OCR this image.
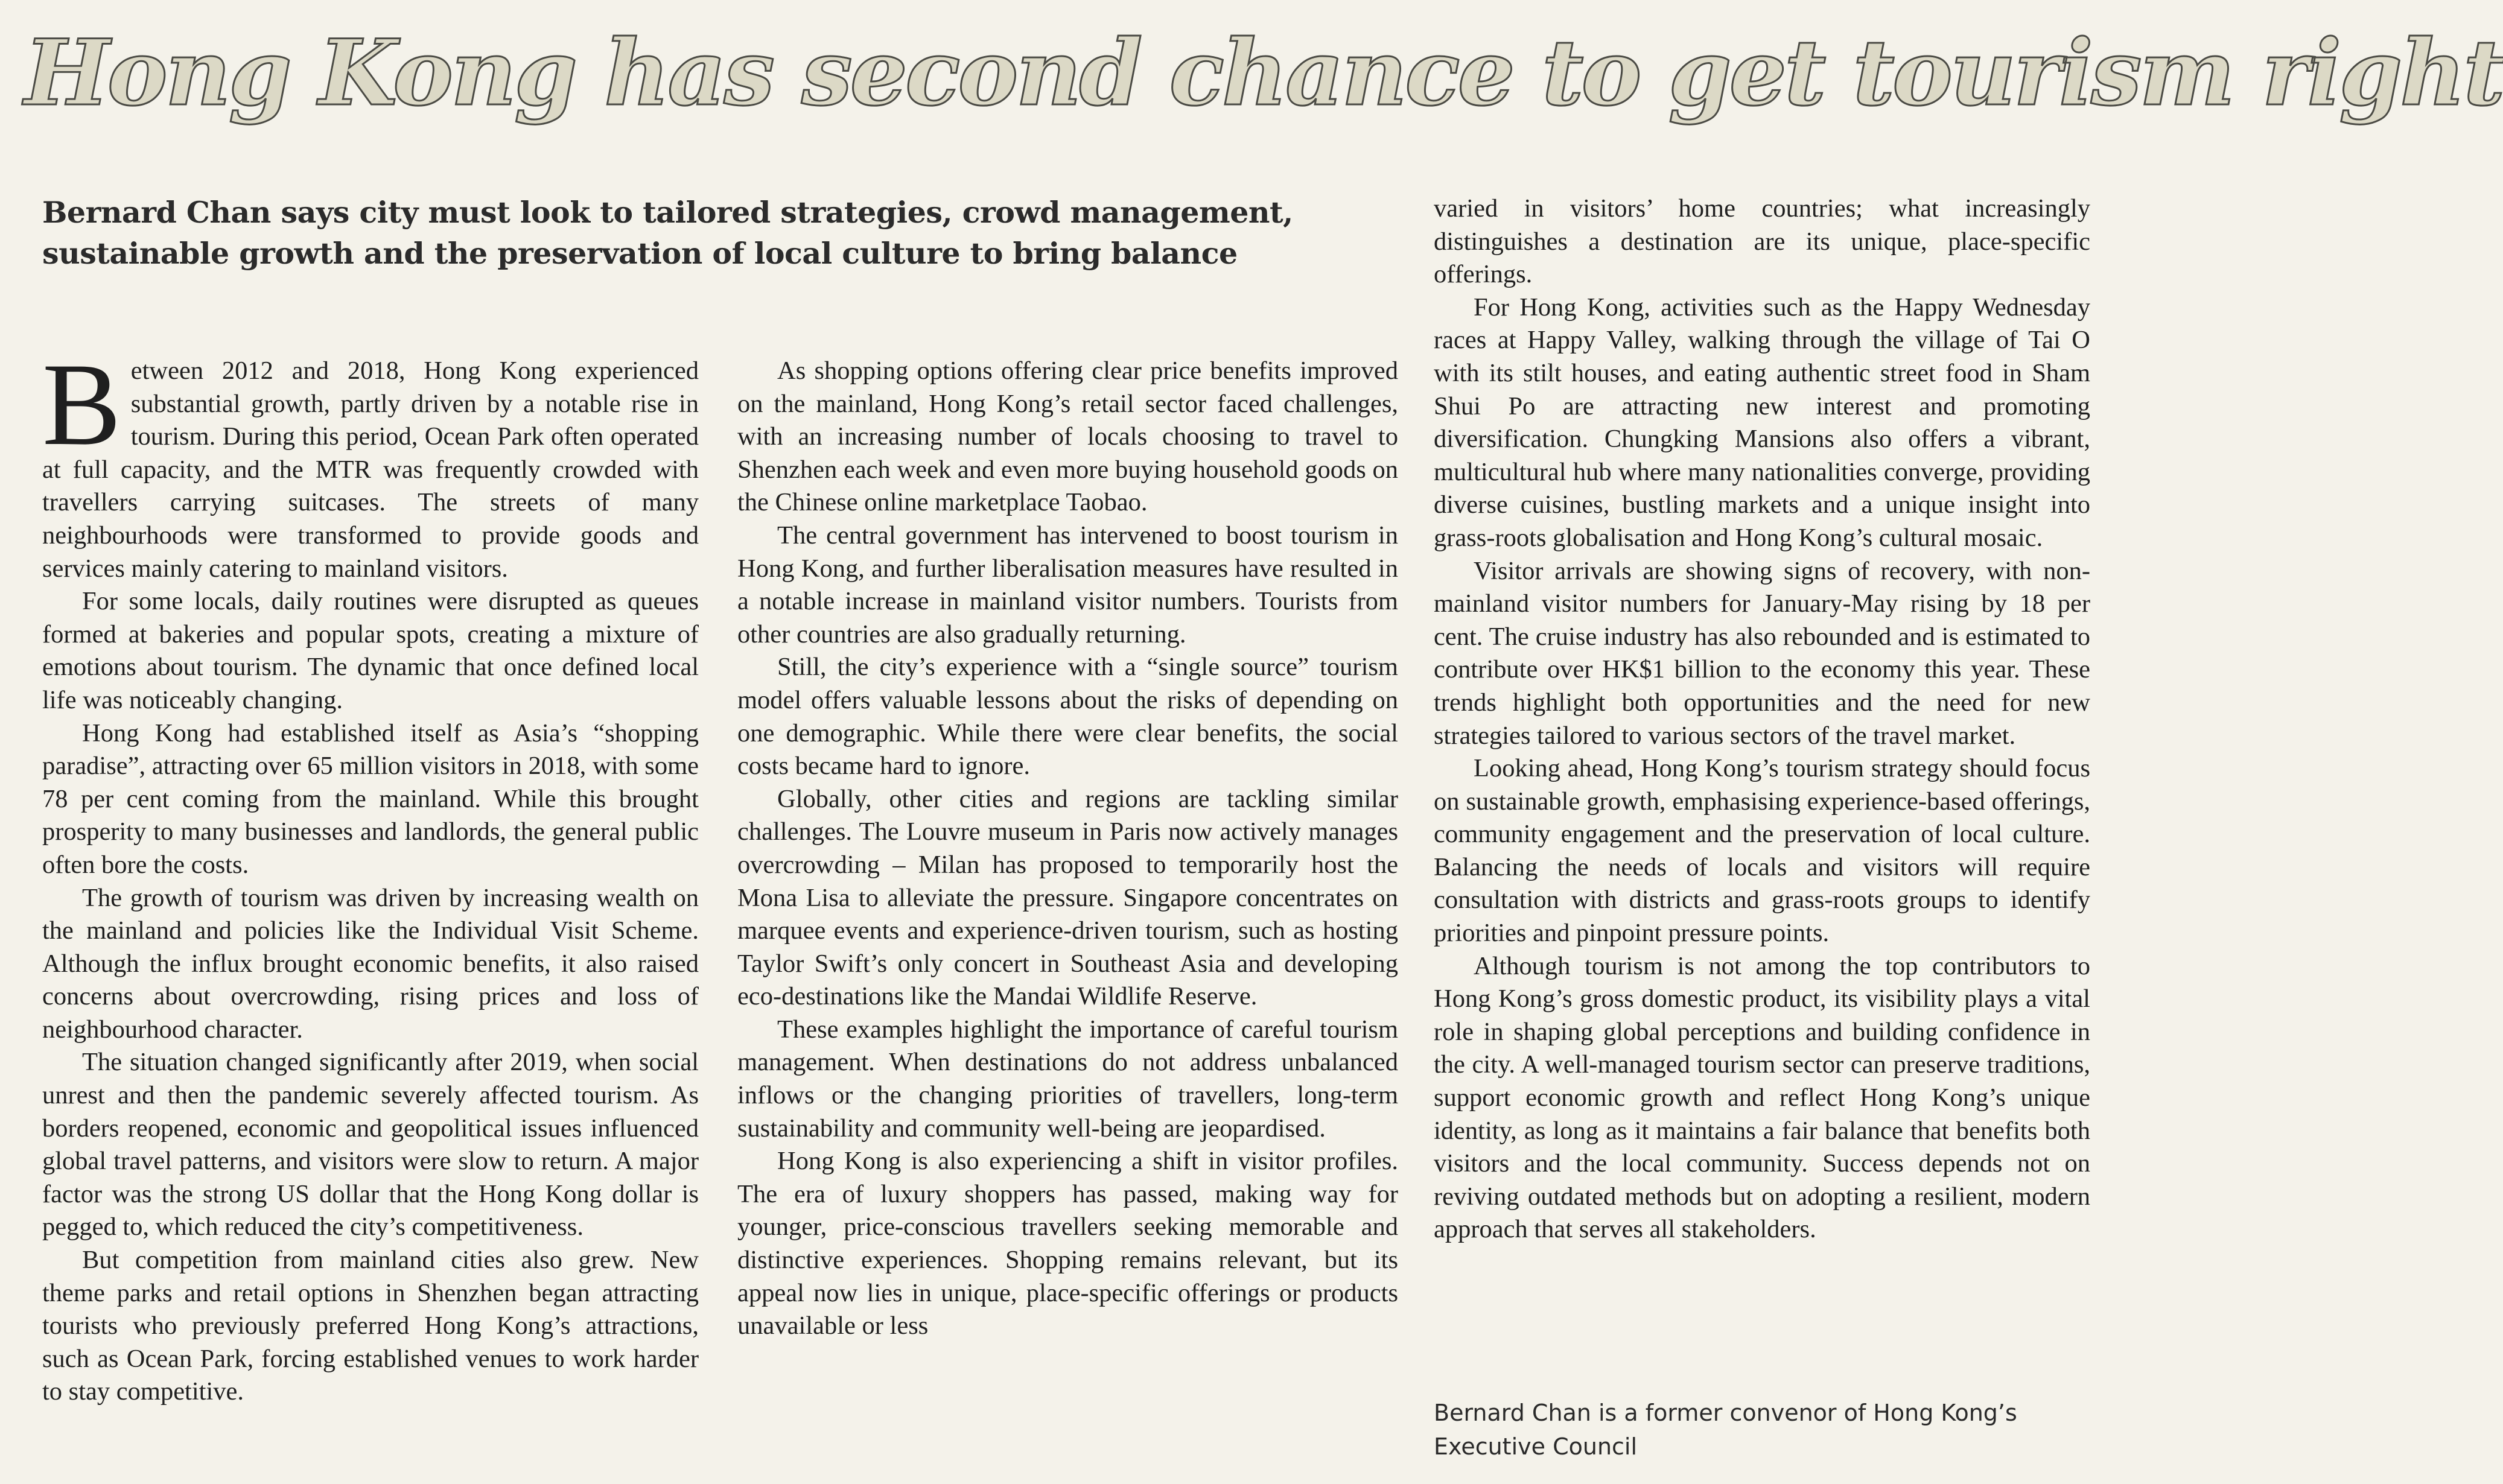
Hong Kong has second chance to get tourism right

Bernard Chan says city must look to tailored strategies, crowd management, sustainable growth and the preservation of local culture to bring balance

Between 2012 and 2018, Hong Kong experienced substantial growth, partly driven by a notable rise in tourism. During this period, Ocean Park often operated at full capacity, and the MTR was frequently crowded with travellers carrying suitcases. The streets of many neighbourhoods were transformed to provide goods and services mainly catering to mainland visitors.

For some locals, daily routines were disrupted as queues formed at bakeries and popular spots, creating a mixture of emotions about tourism. The dynamic that once defined local life was noticeably changing.

Hong Kong had established itself as Asia’s “shopping paradise”, attracting over 65 million visitors in 2018, with some 78 per cent coming from the mainland. While this brought prosperity to many businesses and landlords, the general public often bore the costs.

The growth of tourism was driven by increasing wealth on the mainland and policies like the Individual Visit Scheme. Although the influx brought economic benefits, it also raised concerns about overcrowding, rising prices and loss of neighbourhood character.

The situation changed significantly after 2019, when social unrest and then the pandemic severely affected tourism. As borders reopened, economic and geopolitical issues influenced global travel patterns, and visitors were slow to return. A major factor was the strong US dollar that the Hong Kong dollar is pegged to, which reduced the city’s competitiveness.

But competition from mainland cities also grew. New theme parks and retail options in Shenzhen began attracting tourists who previously preferred Hong Kong’s attractions, such as Ocean Park, forcing established venues to work harder to stay competitive.

As shopping options offering clear price benefits improved on the mainland, Hong Kong’s retail sector faced challenges, with an increasing number of locals choosing to travel to Shenzhen each week and even more buying household goods on the Chinese online marketplace Taobao.

The central government has intervened to boost tourism in Hong Kong, and further liberalisation measures have resulted in a notable increase in mainland visitor numbers. Tourists from other countries are also gradually returning.

Still, the city’s experience with a “single source” tourism model offers valuable lessons about the risks of depending on one demographic. While there were clear benefits, the social costs became hard to ignore.

Globally, other cities and regions are tackling similar challenges. The Louvre museum in Paris now actively manages overcrowding – Milan has proposed to temporarily host the Mona Lisa to alleviate the pressure. Singapore concentrates on marquee events and experience-driven tourism, such as hosting Taylor Swift’s only concert in Southeast Asia and developing eco-destinations like the Mandai Wildlife Reserve.

These examples highlight the importance of careful tourism management. When destinations do not address unbalanced inflows or the changing priorities of travellers, long-term sustainability and community well-being are jeopardised.

Hong Kong is also experiencing a shift in visitor profiles. The era of luxury shoppers has passed, making way for younger, price-conscious travellers seeking memorable and distinctive experiences. Shopping remains relevant, but its appeal now lies in unique, place-specific offerings or products unavailable or less

varied in visitors’ home countries; what increasingly distinguishes a destination are its unique, place-specific offerings.

For Hong Kong, activities such as the Happy Wednesday races at Happy Valley, walking through the village of Tai O with its stilt houses, and eating authentic street food in Sham Shui Po are attracting new interest and promoting diversification. Chungking Mansions also offers a vibrant, multicultural hub where many nationalities converge, providing diverse cuisines, bustling markets and a unique insight into grass-roots globalisation and Hong Kong’s cultural mosaic.

Visitor arrivals are showing signs of recovery, with non-mainland visitor numbers for January-May rising by 18 per cent. The cruise industry has also rebounded and is estimated to contribute over HK$1 billion to the economy this year. These trends highlight both opportunities and the need for new strategies tailored to various sectors of the travel market.

Looking ahead, Hong Kong’s tourism strategy should focus on sustainable growth, emphasising experience-based offerings, community engagement and the preservation of local culture. Balancing the needs of locals and visitors will require consultation with districts and grass-roots groups to identify priorities and pinpoint pressure points.

Although tourism is not among the top contributors to Hong Kong’s gross domestic product, its visibility plays a vital role in shaping global perceptions and building confidence in the city. A well-managed tourism sector can preserve traditions, support economic growth and reflect Hong Kong’s unique identity, as long as it maintains a fair balance that benefits both visitors and the local community. Success depends not on reviving outdated methods but on adopting a resilient, modern approach that serves all stakeholders.

Bernard Chan is a former convenor of Hong Kong’s Executive Council
